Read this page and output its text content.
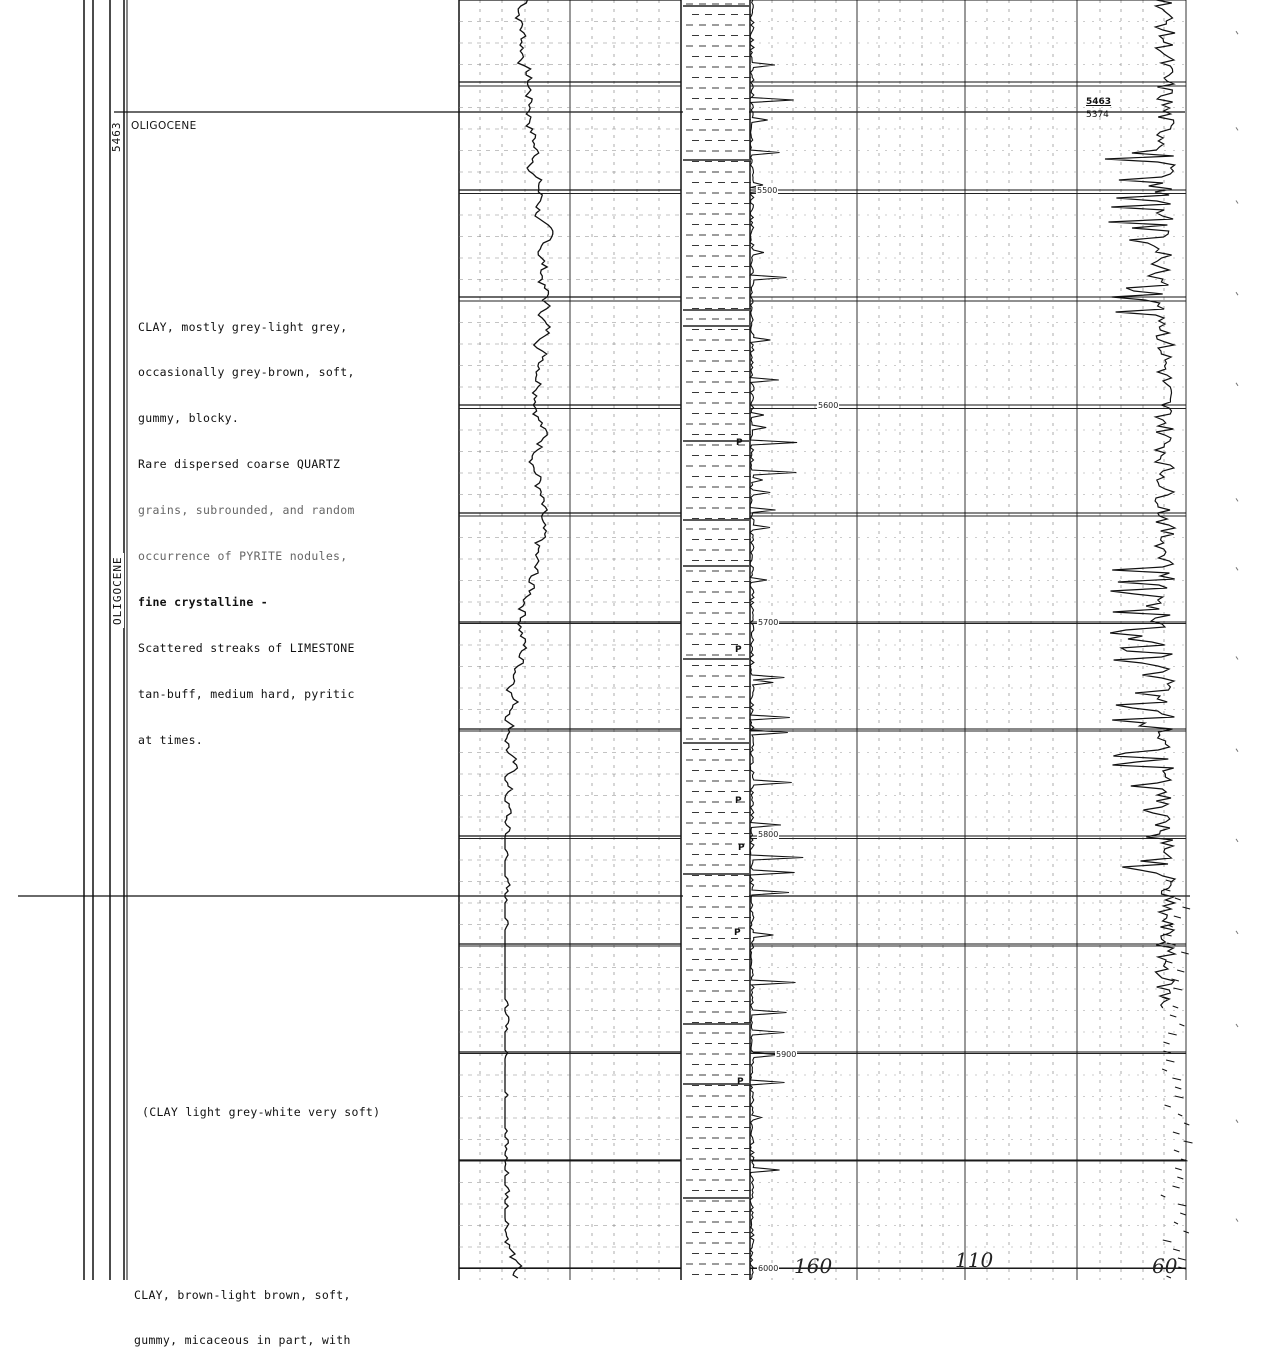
5463
OLIGOCENE
OLIGOCENE

CLAY, mostly grey-light grey,

occasionally grey-brown, soft,

gummy, blocky.

Rare dispersed coarse QUARTZ

grains, subrounded, and random

occurrence of PYRITE nodules,

fine crystalline -

Scattered streaks of LIMESTONE

tan-buff, medium hard, pyritic

at times.

(CLAY light grey-white very soft)

CLAY, brown-light brown, soft,

gummy, micaceous in part, with

5500
5600
5700
5800
5900
6000
5463
5374
P
P
P
P
P
P
160	110	60
